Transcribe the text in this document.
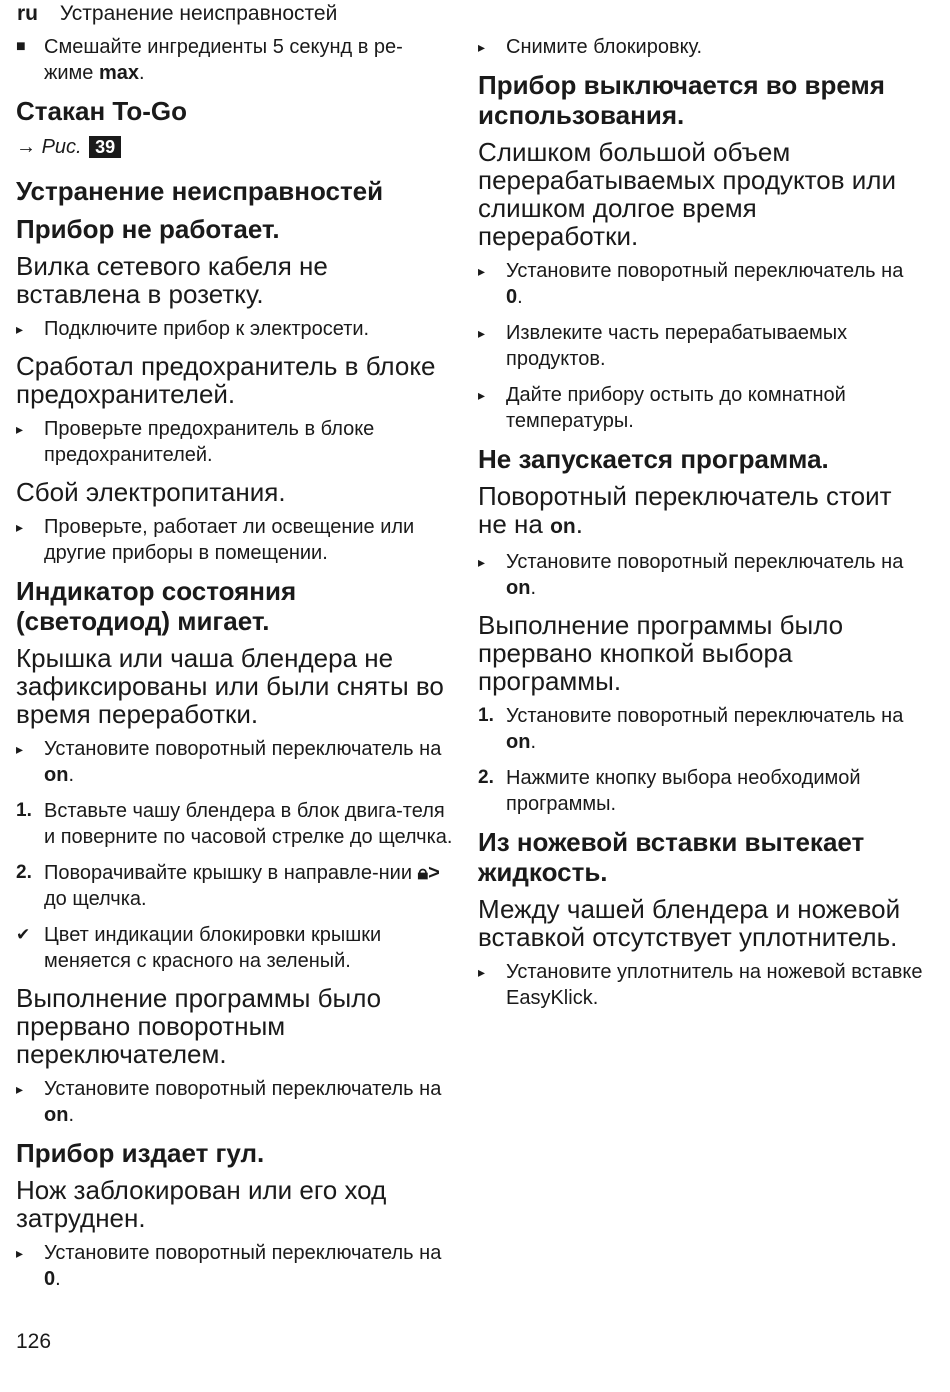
ru Устранение неисправностей
■ Смешайте ингредиенты 5 секунд в ре-
жиме max.
Стакан To-Go
→ Рис. 39
Устранение неисправностей
Прибор не работает.
Вилка сетевого кабеля не вставлена в розетку.
▸	Подключите прибор к электросети.
Сработал предохранитель в блоке предохранителей.
▸	Проверьте предохранитель в блоке предохранителей.
Сбой электропитания.
▸	Проверьте, работает ли освещение или другие приборы в помещении.
Индикатор состояния (светодиод) мигает.
Крышка или чаша блендера не зафиксированы или были сняты во время переработки.
▸	Установите поворотный переключатель на on.
1. Вставьте чашу блендера в блок двига-теля и поверните по часовой стрелке до щелчка.
2. Поворачивайте крышку в направле-нии 🔒︎> до щелчка.
✔ Цвет индикации блокировки крышки меняется с красного на зеленый.
Выполнение программы было прервано поворотным переключателем.
▸	Установите поворотный переключатель на on.
Прибор издает гул.
Нож заблокирован или его ход затруднен.
▸	Установите поворотный переключатель на 0.
▸	Снимите блокировку.
Прибор выключается во время использования.
Слишком большой объем перерабатываемых продуктов или слишком долгое время переработки.
▸	Установите поворотный переключатель на 0.
▸	Извлеките часть перерабатываемых продуктов.
▸	Дайте прибору остыть до комнатной температуры.
Не запускается программа.
Поворотный переключатель стоит не на on.
▸	Установите поворотный переключатель на on.
Выполнение программы было прервано кнопкой выбора программы.
1. Установите поворотный переключатель на on.
2. Нажмите кнопку выбора необходимой программы.
Из ножевой вставки вытекает жидкость.
Между чашей блендера и ножевой вставкой отсутствует уплотнитель.
▸	Установите уплотнитель на ножевой вставке EasyKlick.
126
